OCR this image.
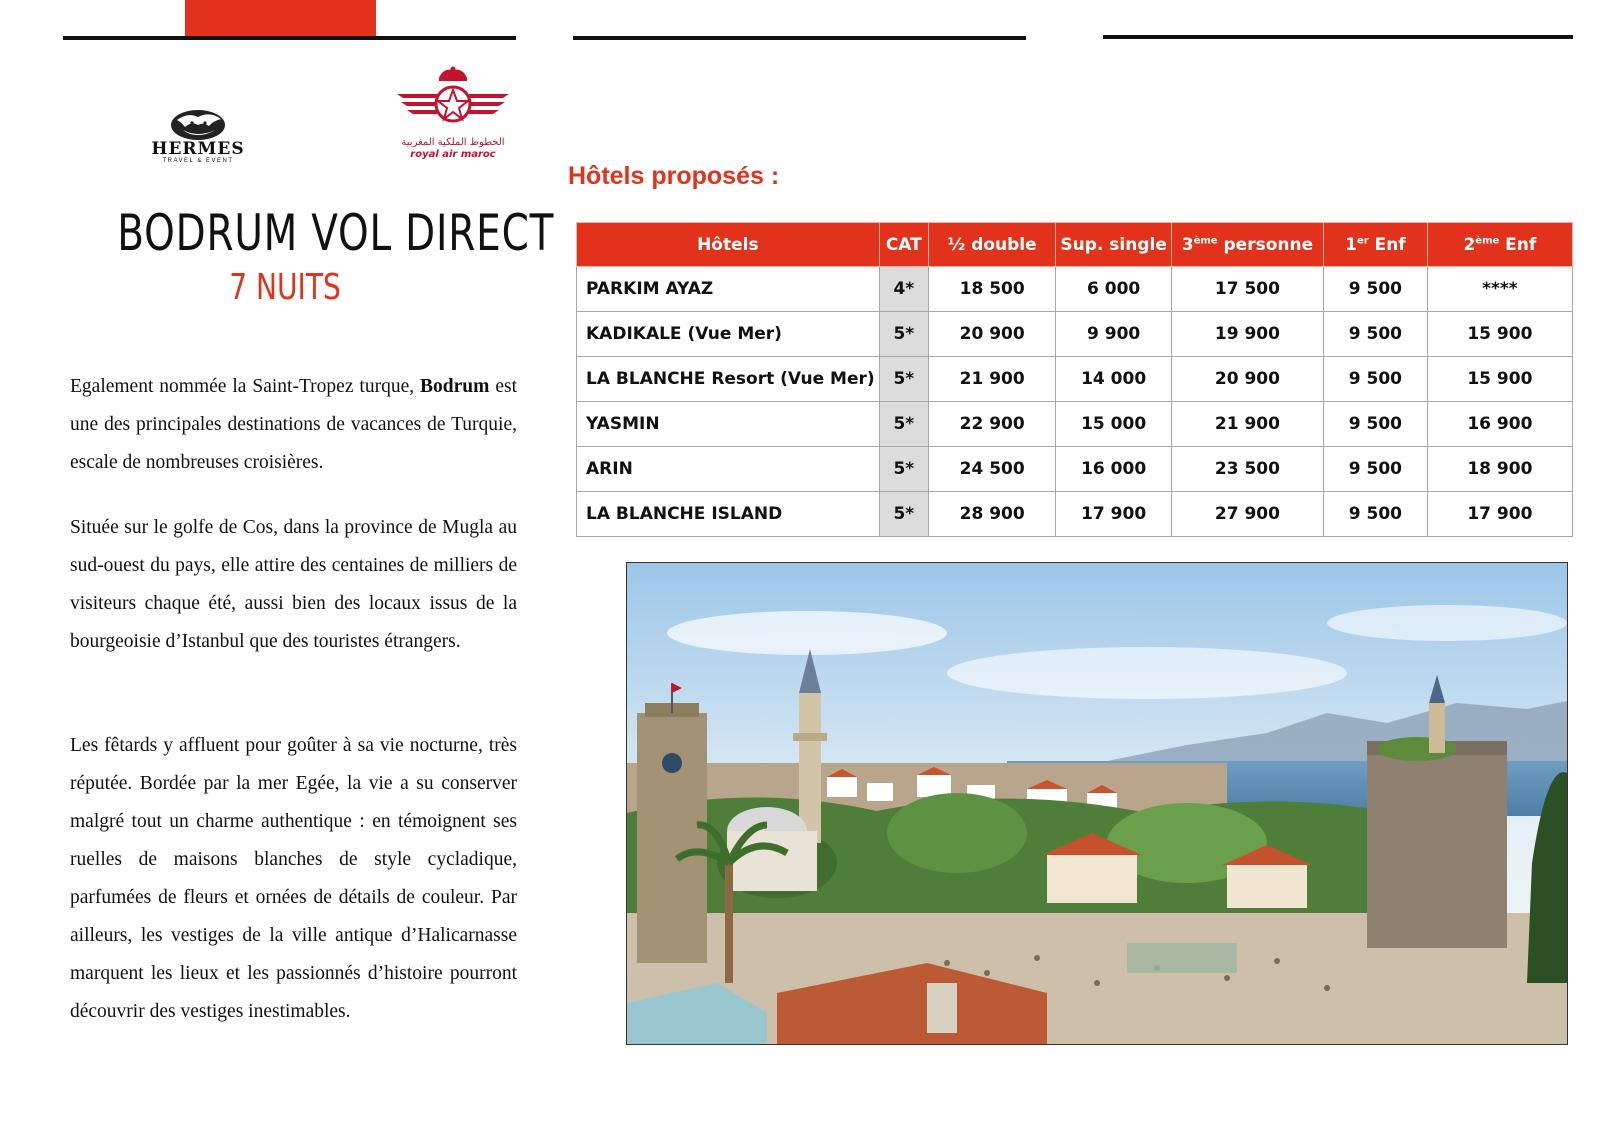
HERMES
TRAVEL & EVENT
الخطوط الملكية المغربية
royal air maroc
BODRUM VOL DIRECT
7 NUITS
Egalement nommée la Saint-Tropez turque, Bodrum est une des principales destinations de vacances de Turquie, escale de nombreuses croisières.
Située sur le golfe de Cos, dans la province de Mugla au sud-ouest du pays, elle attire des centaines de milliers de visiteurs chaque été, aussi bien des locaux issus de la bourgeoisie d’Istanbul que des touristes étrangers.
Les fêtards y affluent pour goûter à sa vie nocturne, très réputée. Bordée par la mer Egée, la vie a su conserver malgré tout un charme authentique : en témoignent ses ruelles de maisons blanches de style cycladique, parfumées de fleurs et ornées de détails de couleur. Par ailleurs, les vestiges de la ville antique d’Halicarnasse marquent les lieux et les passionnés d’histoire pourront découvrir des vestiges inestimables.
Hôtels proposés :
Hôtels	CAT	½ double	Sup. single	3ème personne	1er Enf	2ème Enf
PARKIM AYAZ	4*	18 500	6 000	17 500	9 500	****
KADIKALE (Vue Mer)	5*	20 900	9 900	19 900	9 500	15 900
LA BLANCHE Resort (Vue Mer)	5*	21 900	14 000	20 900	9 500	15 900
YASMIN	5*	22 900	15 000	21 900	9 500	16 900
ARIN	5*	24 500	16 000	23 500	9 500	18 900
LA BLANCHE ISLAND	5*	28 900	17 900	27 900	9 500	17 900
